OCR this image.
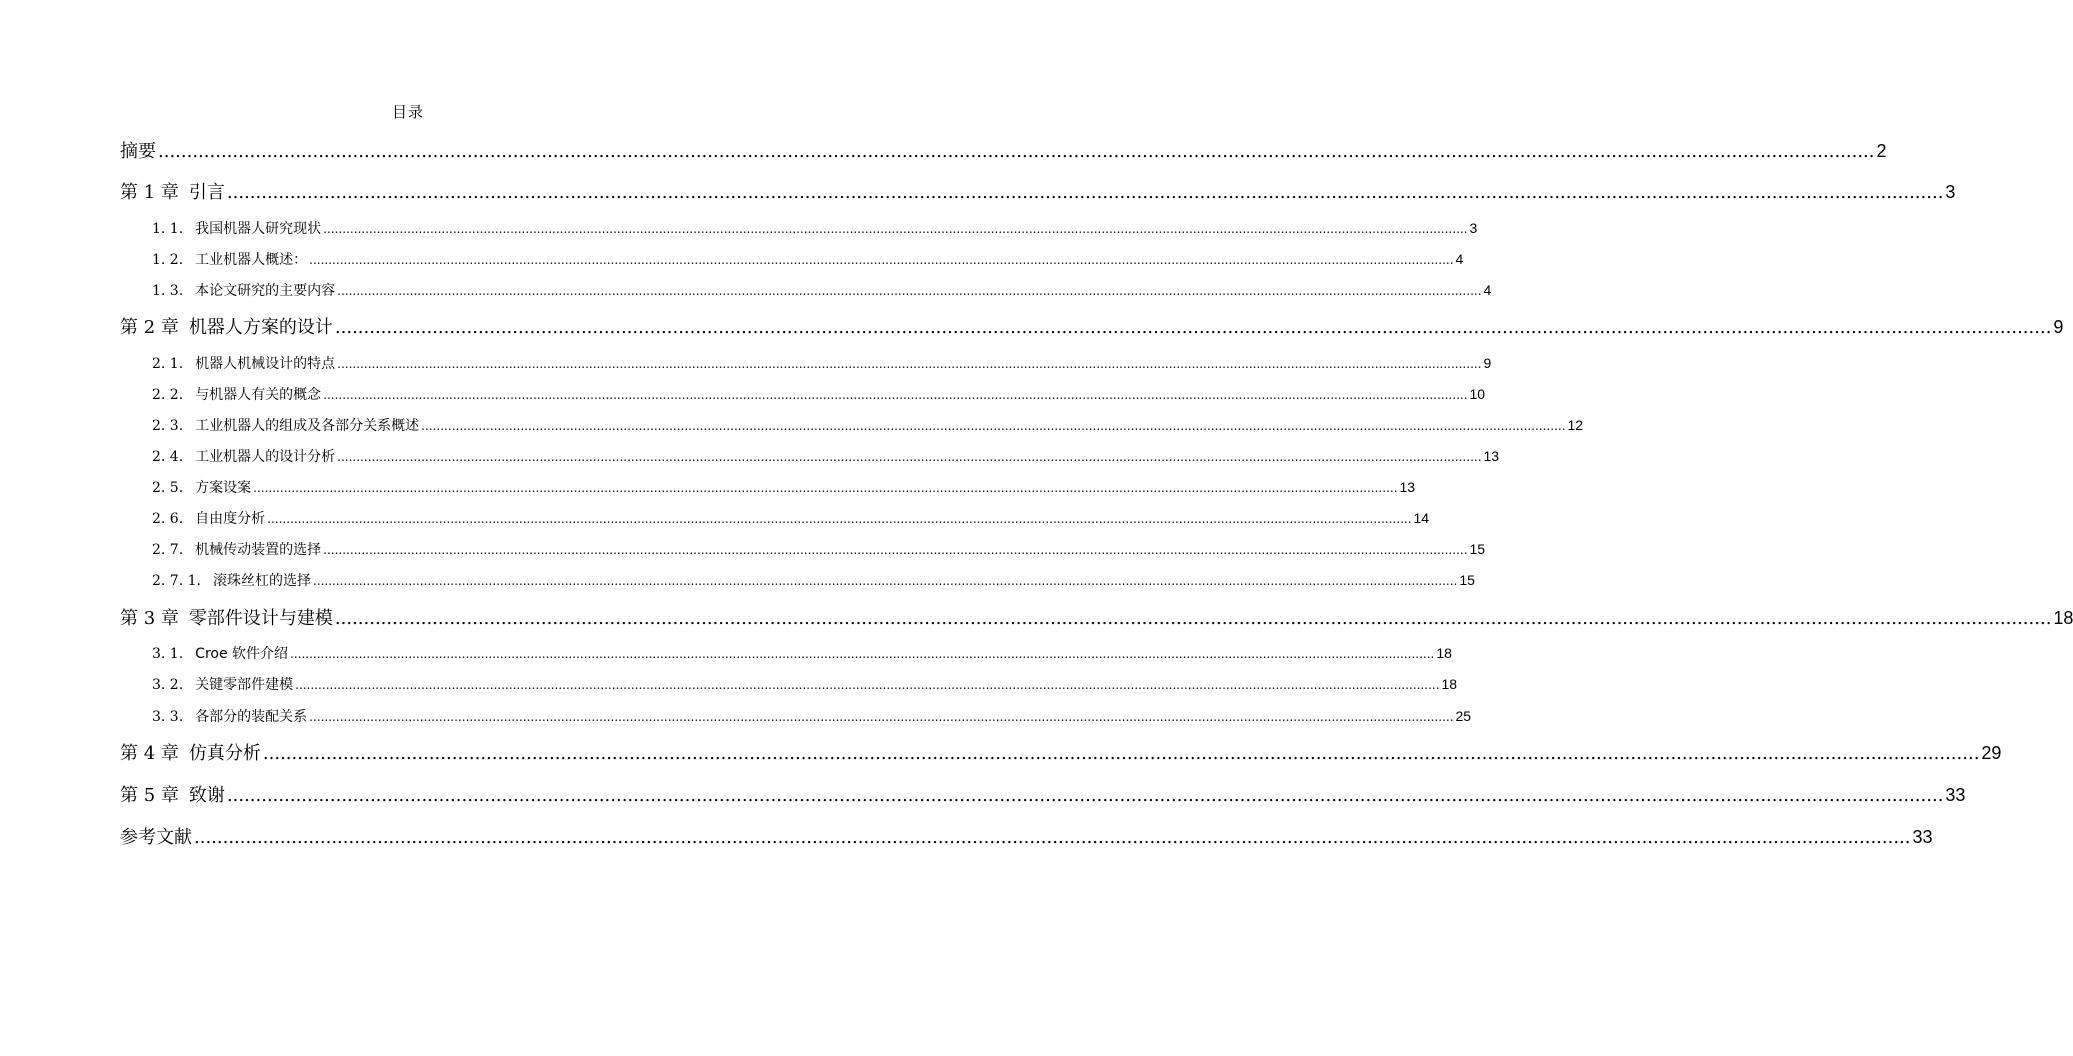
目录
摘要 ............................................................................................................................................................................................................................................................................................................ 2
第 1 章 引言 ............................................................................................................................................................................................................................................................................................................ 3
1. 1. 我国机器人研究现状 ............................................................................................................................................................................................................................................................................................................ 3
1. 2. 工业机器人概述： ............................................................................................................................................................................................................................................................................................................ 4
1. 3. 本论文研究的主要内容 ............................................................................................................................................................................................................................................................................................................ 4
第 2 章 机器人方案的设计 ............................................................................................................................................................................................................................................................................................................ 9
2. 1. 机器人机械设计的特点 ............................................................................................................................................................................................................................................................................................................ 9
2. 2. 与机器人有关的概念 ............................................................................................................................................................................................................................................................................................................ 10
2. 3. 工业机器人的组成及各部分关系概述 ............................................................................................................................................................................................................................................................................................................ 12
2. 4. 工业机器人的设计分析 ............................................................................................................................................................................................................................................................................................................ 13
2. 5. 方案设案 ............................................................................................................................................................................................................................................................................................................ 13
2. 6. 自由度分析 ............................................................................................................................................................................................................................................................................................................ 14
2. 7. 机械传动装置的选择 ............................................................................................................................................................................................................................................................................................................ 15
2. 7. 1. 滚珠丝杠的选择 ............................................................................................................................................................................................................................................................................................................ 15
第 3 章 零部件设计与建模 ............................................................................................................................................................................................................................................................................................................ 18
3. 1. Croe 软件介绍 ............................................................................................................................................................................................................................................................................................................ 18
3. 2. 关键零部件建模 ............................................................................................................................................................................................................................................................................................................ 18
3. 3. 各部分的装配关系 ............................................................................................................................................................................................................................................................................................................ 25
第 4 章 仿真分析 ............................................................................................................................................................................................................................................................................................................ 29
第 5 章 致谢 ............................................................................................................................................................................................................................................................................................................ 33
参考文献 ............................................................................................................................................................................................................................................................................................................ 33
